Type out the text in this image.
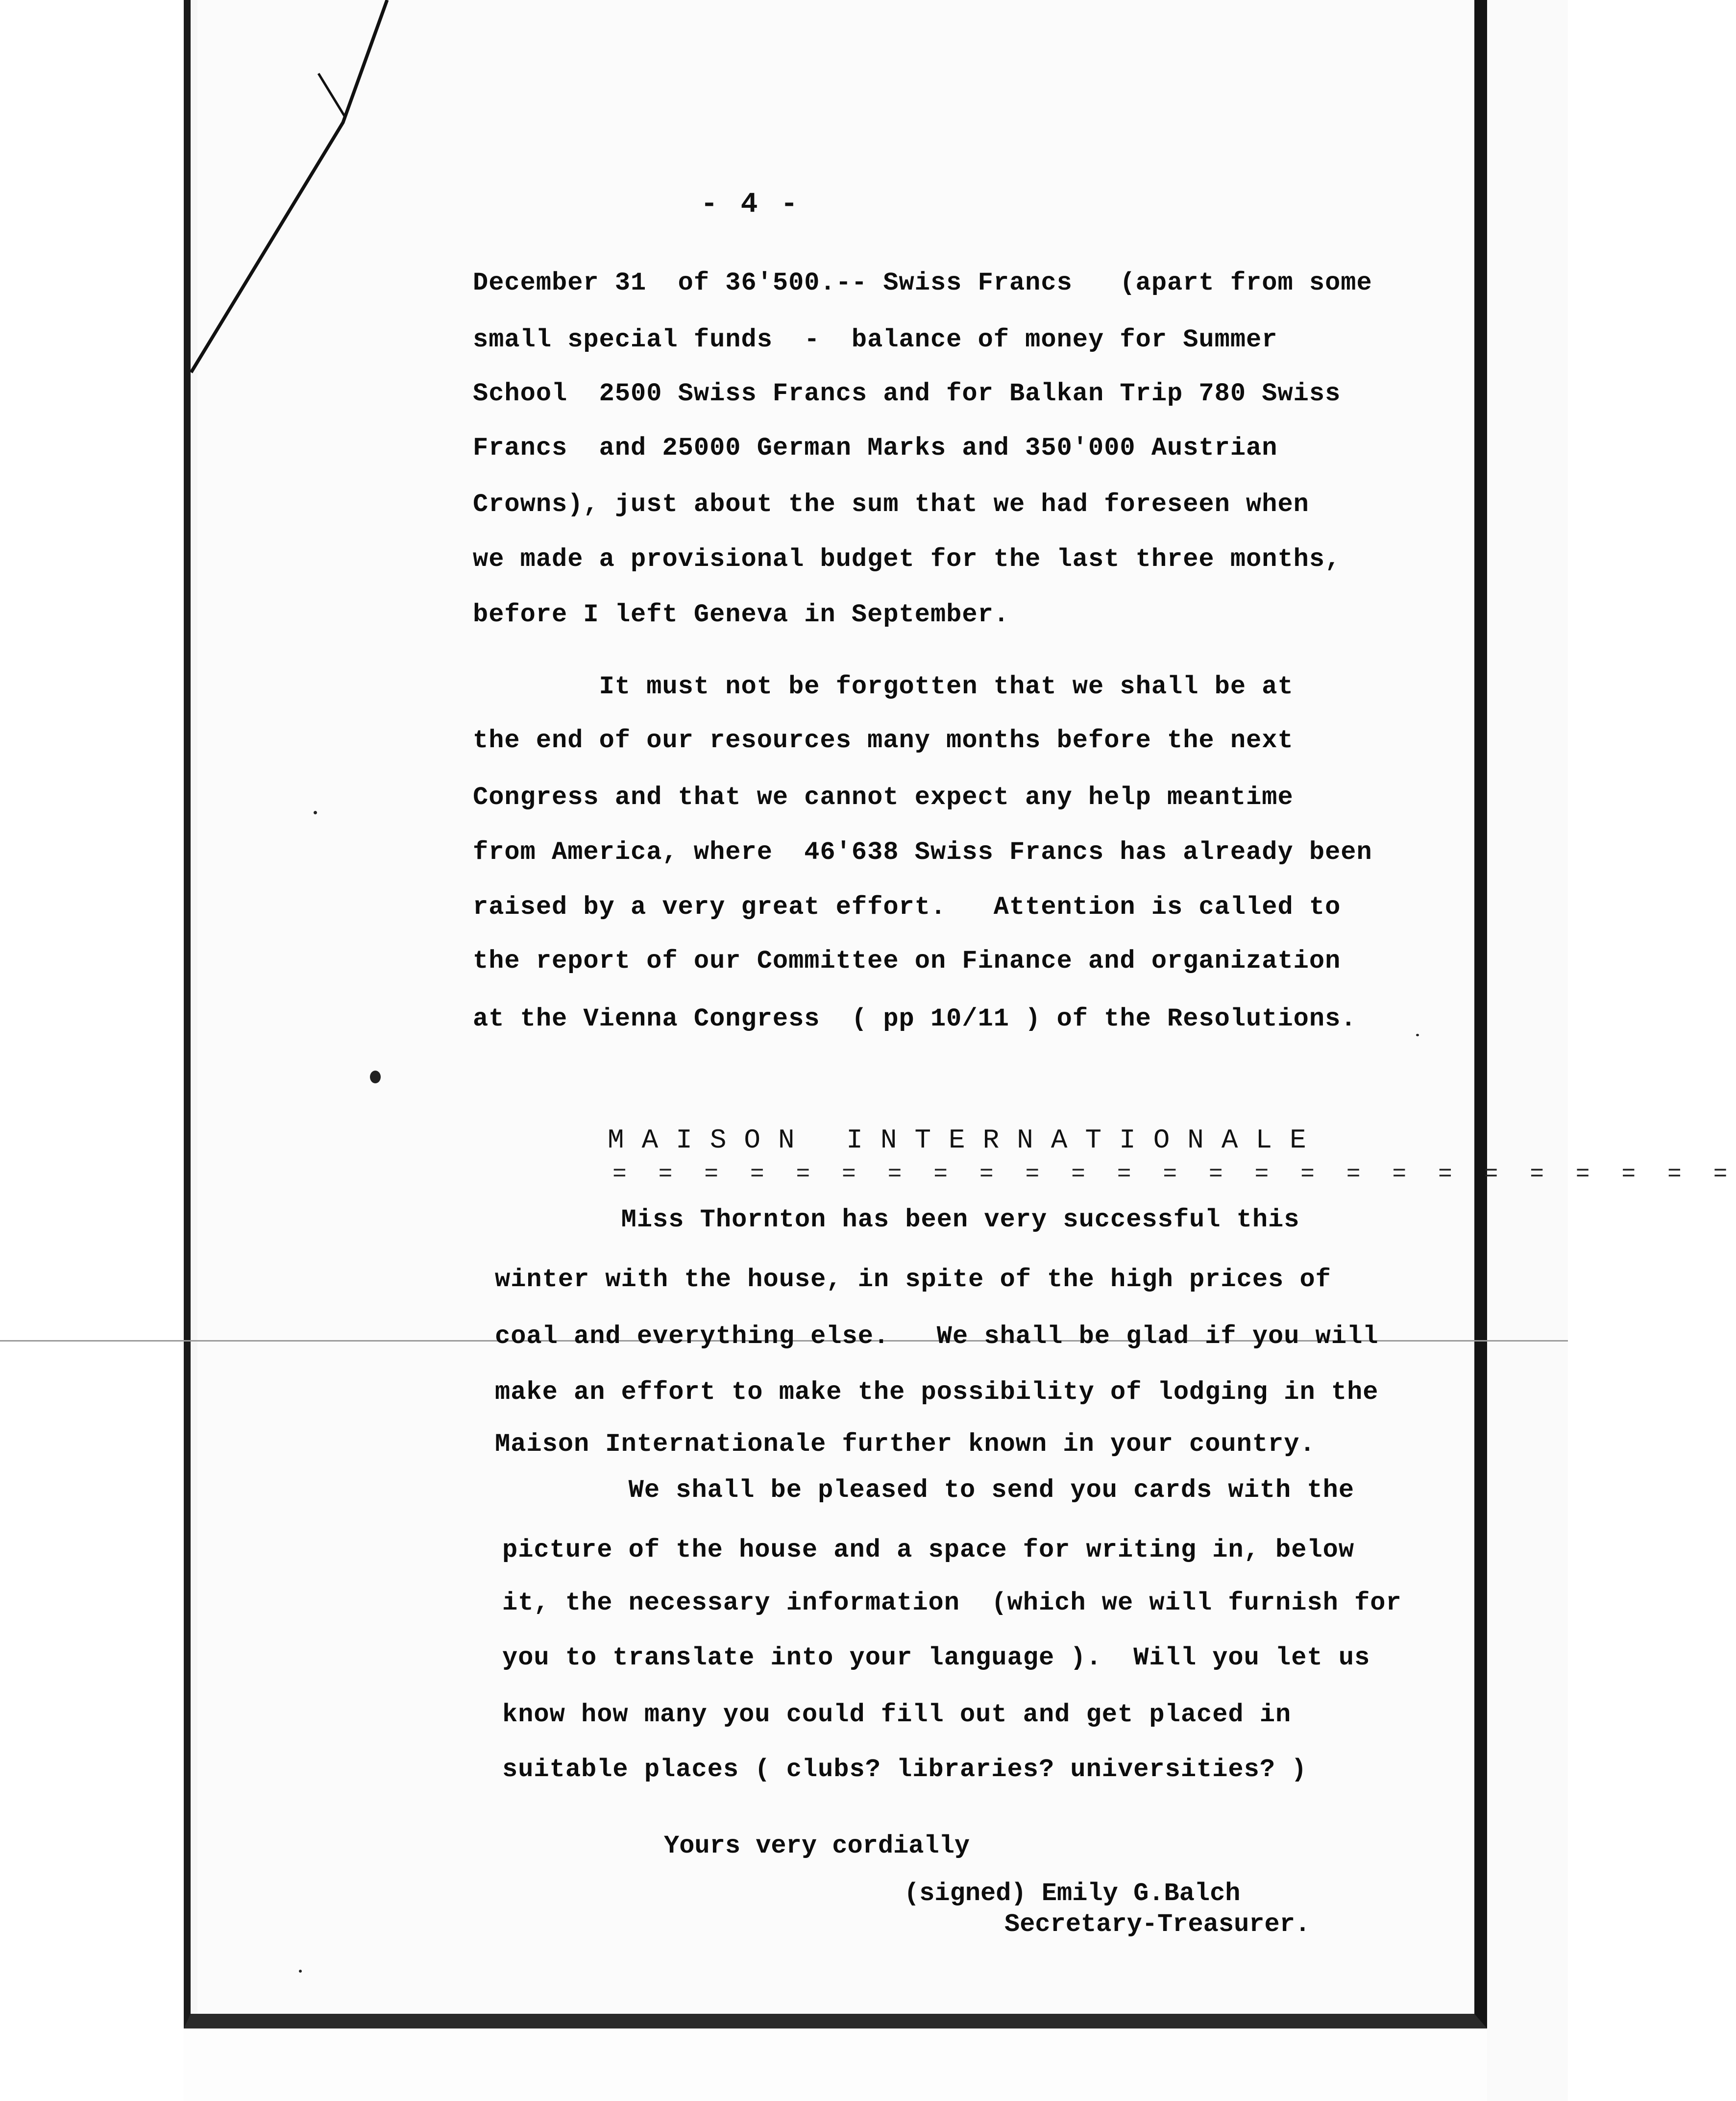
- 4 -
December 31  of 36'500.-- Swiss Francs   (apart from some
small special funds  -  balance of money for Summer
School  2500 Swiss Francs and for Balkan Trip 780 Swiss
Francs  and 25000 German Marks and 350'000 Austrian
Crowns), just about the sum that we had foreseen when
we made a provisional budget for the last three months,
before I left Geneva in September.
It must not be forgotten that we shall be at
the end of our resources many months before the next
Congress and that we cannot expect any help meantime
from America, where  46'638 Swiss Francs has already been
raised by a very great effort.   Attention is called to
the report of our Committee on Finance and organization
at the Vienna Congress  ( pp 10/11 ) of the Resolutions.
MAISON INTERNATIONALE
= = = = = = = = = = = = = = = = = = = = = = = = =
Miss Thornton has been very successful this
winter with the house, in spite of the high prices of
coal and everything else.   We shall be glad if you will
make an effort to make the possibility of lodging in the
Maison Internationale further known in your country.
We shall be pleased to send you cards with the
picture of the house and a space for writing in, below
it, the necessary information  (which we will furnish for
you to translate into your language ).  Will you let us
know how many you could fill out and get placed in
suitable places ( clubs? libraries? universities? )
Yours very cordially
(signed) Emily G.Balch
Secretary-Treasurer.
